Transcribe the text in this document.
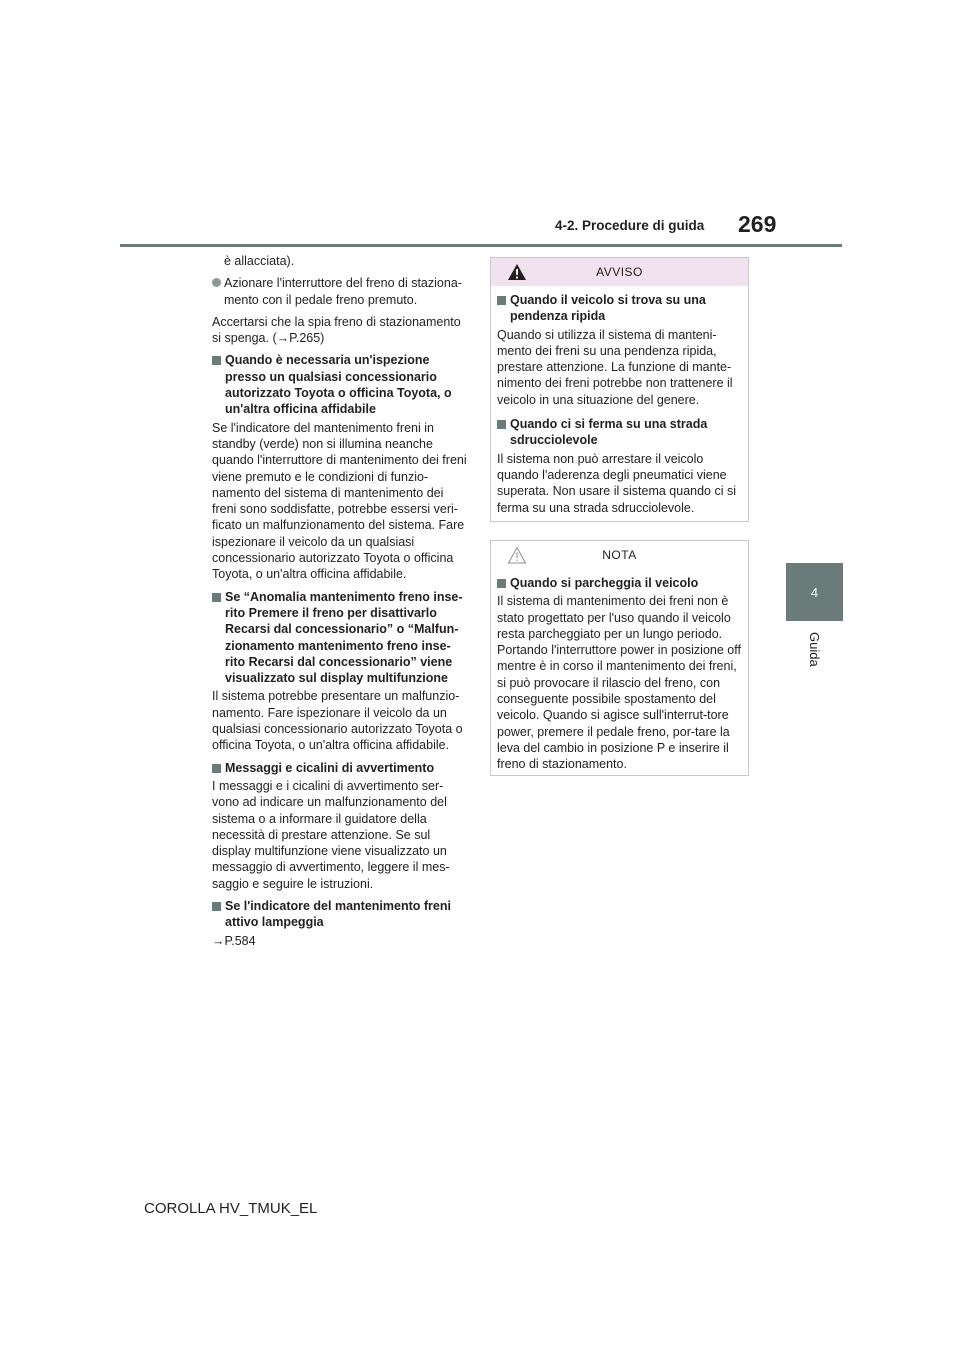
4-2. Procedure di guida 269
4
Guida

è allacciata).

Azionare l'interruttore del freno di staziona-
mento con il pedale freno premuto.

Accertarsi che la spia freno di stazionamento si spenga. (→P.265)

Quando è necessaria un'ispezione presso un qualsiasi concessionario autorizzato Toyota o officina Toyota, o un'altra officina affidabile

Se l'indicatore del mantenimento freni in standby (verde) non si illumina neanche quando l'interruttore di mantenimento dei freni viene premuto e le condizioni di funzio-namento del sistema di mantenimento dei freni sono soddisfatte, potrebbe essersi veri-ficato un malfunzionamento del sistema. Fare ispezionare il veicolo da un qualsiasi concessionario autorizzato Toyota o officina Toyota, o un'altra officina affidabile.

Se “Anomalia mantenimento freno inse-rito Premere il freno per disattivarlo Recarsi dal concessionario” o “Malfun-zionamento mantenimento freno inse-rito Recarsi dal concessionario” viene visualizzato sul display multifunzione

Il sistema potrebbe presentare un malfunzio-namento. Fare ispezionare il veicolo da un qualsiasi concessionario autorizzato Toyota o officina Toyota, o un'altra officina affidabile.

Messaggi e cicalini di avvertimento

I messaggi e i cicalini di avvertimento ser-vono ad indicare un malfunzionamento del sistema o a informare il guidatore della necessità di prestare attenzione. Se sul display multifunzione viene visualizzato un messaggio di avvertimento, leggere il mes-saggio e seguire le istruzioni.

Se l'indicatore del mantenimento freni attivo lampeggia

→P.584

AVVISO
Quando il veicolo si trova su una pendenza ripida

Quando si utilizza il sistema di manteni-mento dei freni su una pendenza ripida, prestare attenzione. La funzione di mante-nimento dei freni potrebbe non trattenere il veicolo in una situazione del genere.

Quando ci si ferma su una strada sdrucciolevole

Il sistema non può arrestare il veicolo quando l'aderenza degli pneumatici viene superata. Non usare il sistema quando ci si ferma su una strada sdrucciolevole.

NOTA
Quando si parcheggia il veicolo

Il sistema di mantenimento dei freni non è stato progettato per l'uso quando il veicolo resta parcheggiato per un lungo periodo. Portando l'interruttore power in posizione off mentre è in corso il mantenimento dei freni, si può provocare il rilascio del freno, con conseguente possibile spostamento del veicolo. Quando si agisce sull'interrut-tore power, premere il pedale freno, por-tare la leva del cambio in posizione P e inserire il freno di stazionamento.

COROLLA HV_TMUK_EL
